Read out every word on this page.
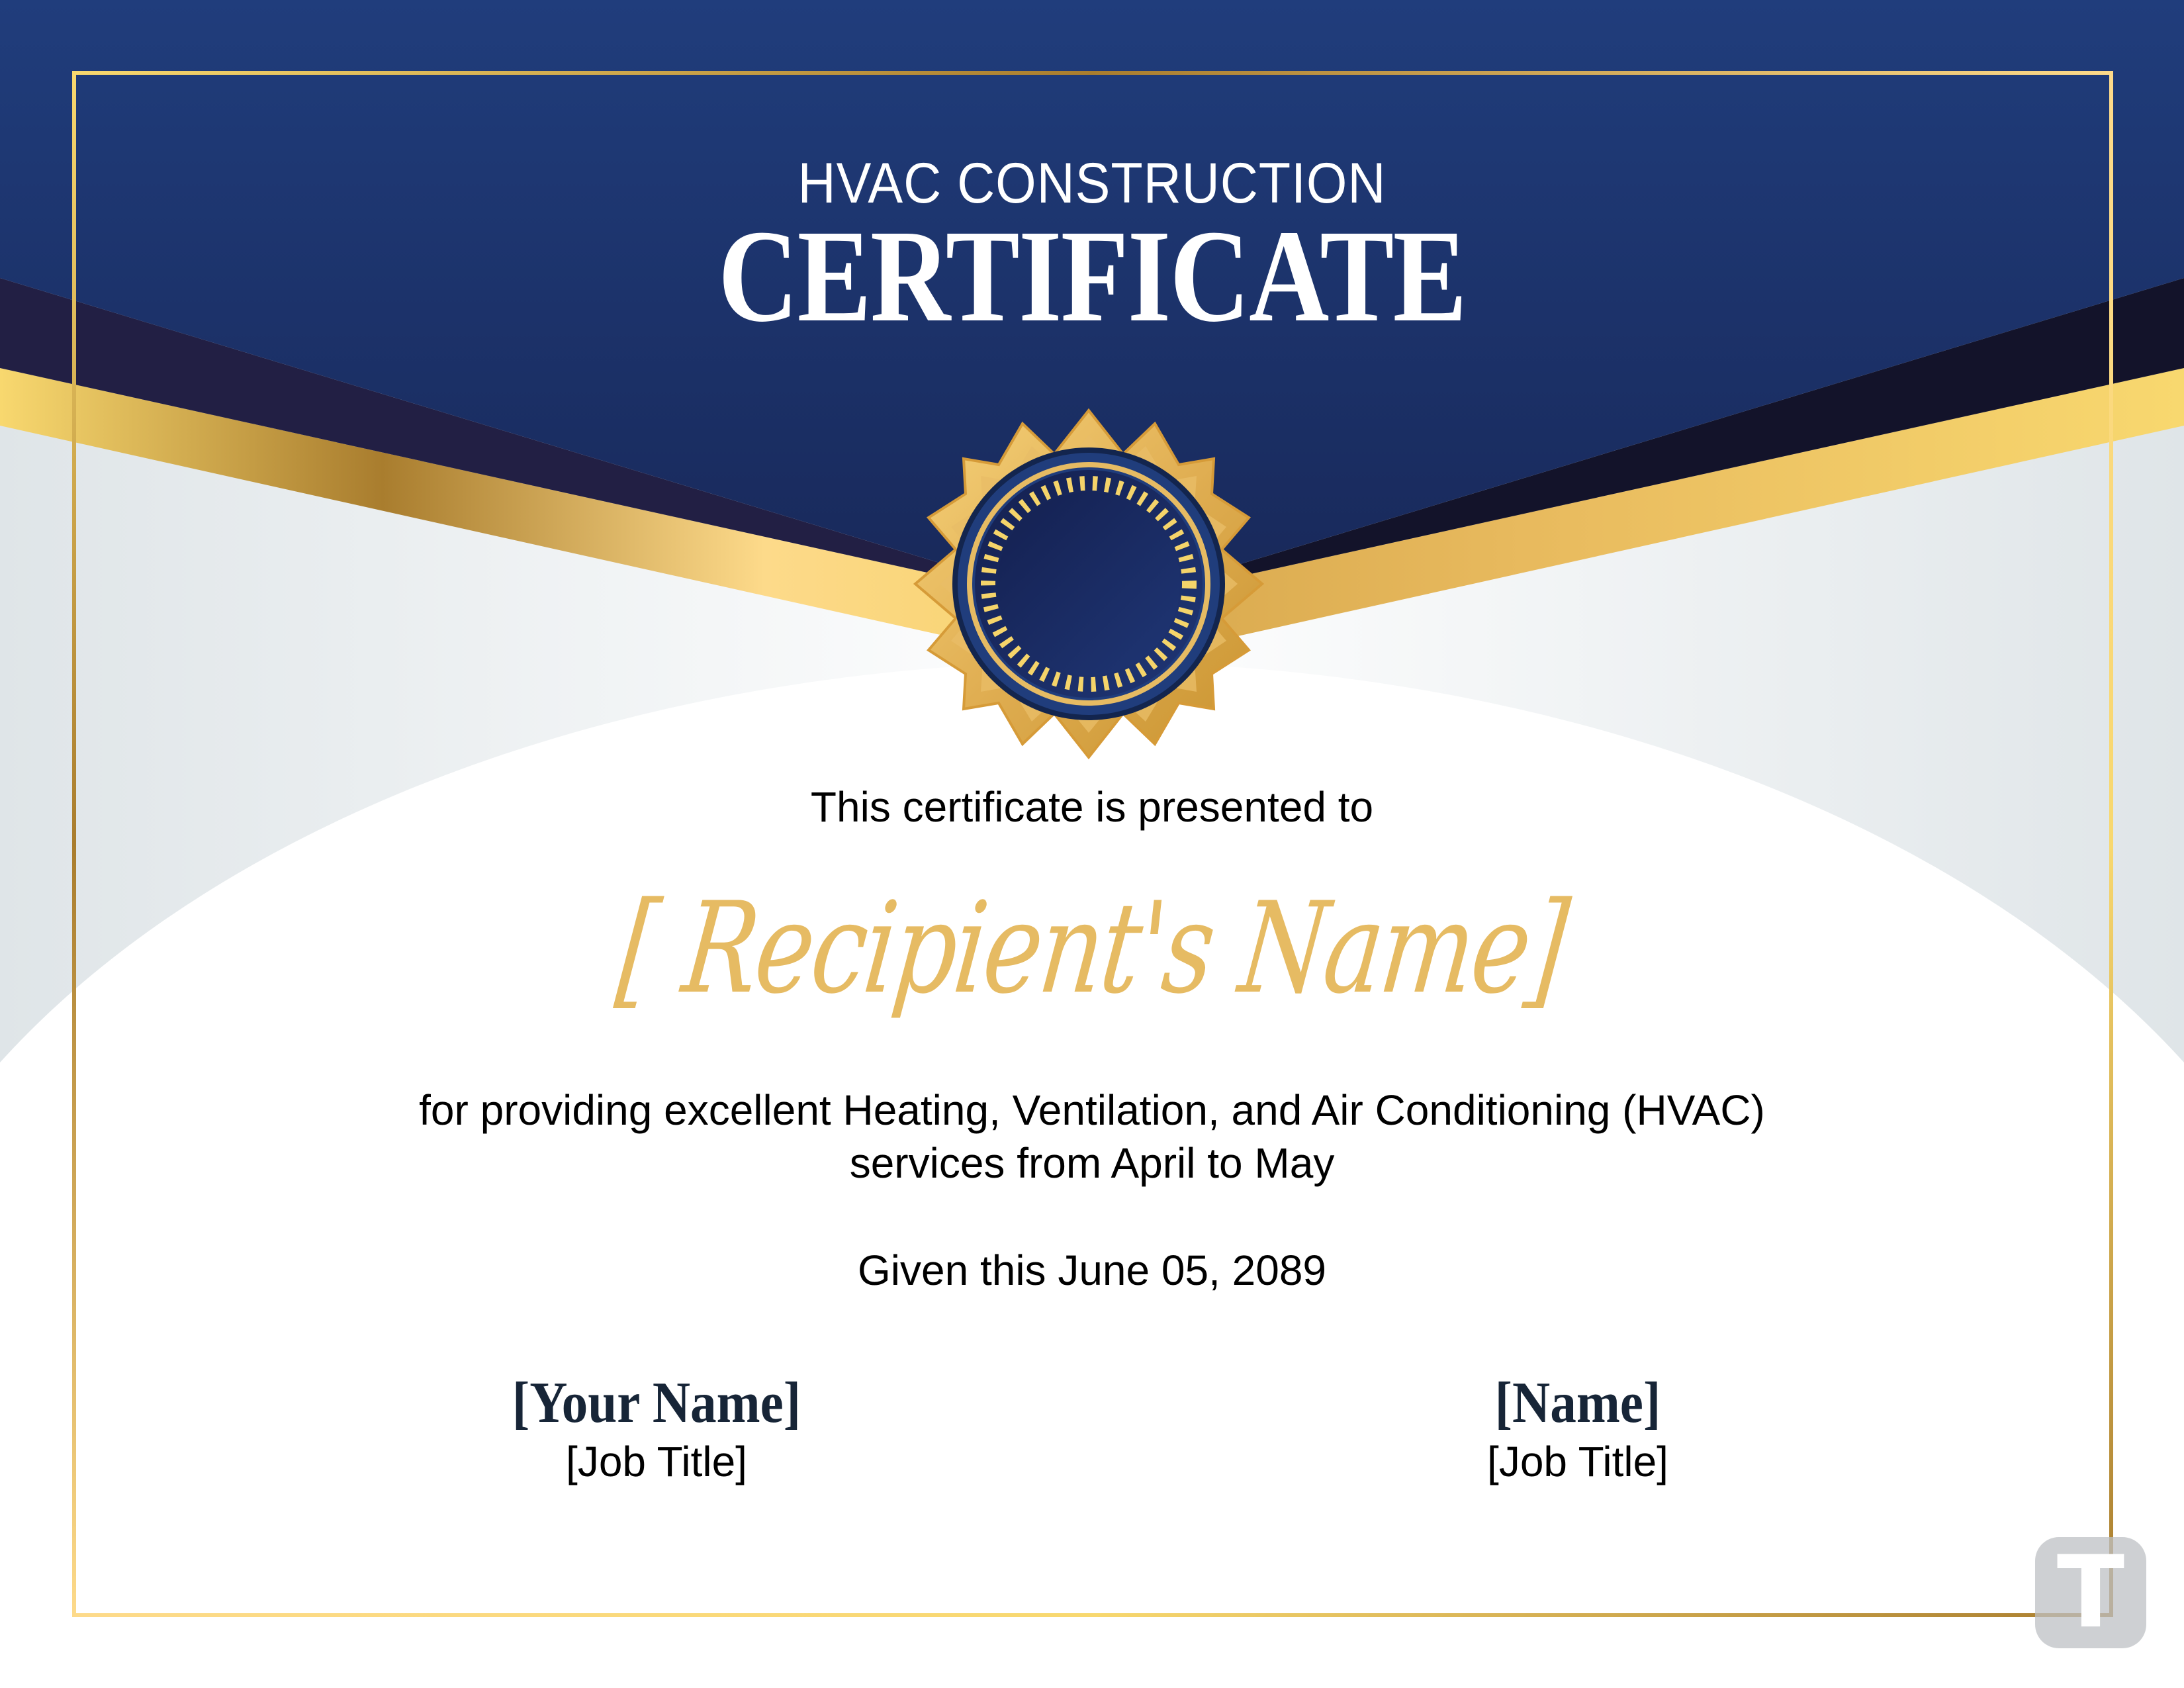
HVAC CONSTRUCTION
CERTIFICATE
This certificate is presented to
[ Recipient's Name]
for providing excellent Heating, Ventilation, and Air Conditioning (HVAC)
services from April to May
Given this June 05, 2089
[Your Name]
[Job Title]
[Name]
[Job Title]
T
